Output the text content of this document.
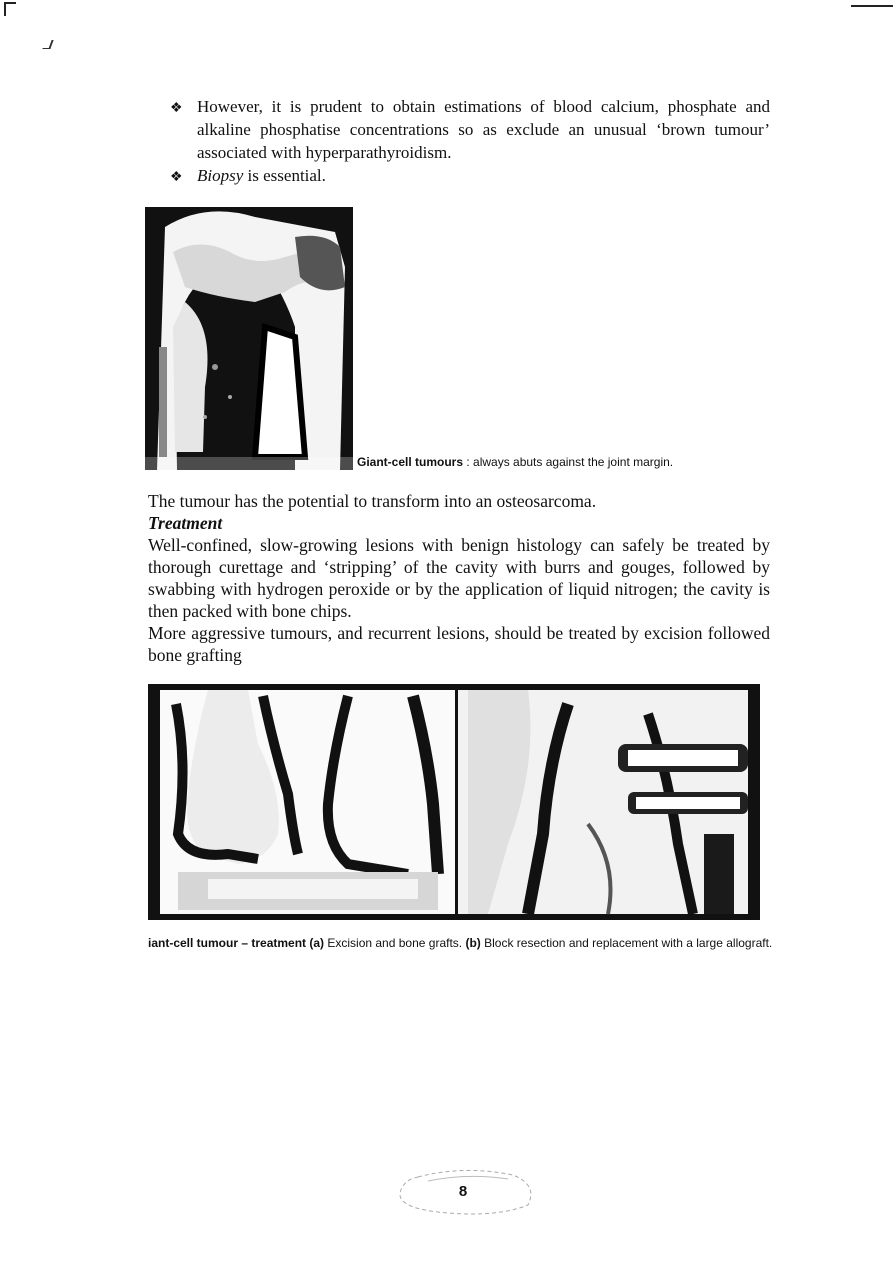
❖ However, it is prudent to obtain estimations of blood calcium, phosphate and alkaline phosphatise concentrations so as exclude an unusual ‘brown tumour’ associated with hyperparathyroidism.
❖ Biopsy is essential.
Giant-cell tumours : always abuts against the joint margin.

The tumour has the potential to transform into an osteosarcoma.

Treatment

Well-confined, slow-growing lesions with benign histology can safely be treated by thorough curettage and ‘stripping’ of the cavity with burrs and gouges, followed by swabbing with hydrogen peroxide or by the application of liquid nitrogen; the cavity is then packed with bone chips.

More aggressive tumours, and recurrent lesions, should be treated by excision followed bone grafting

iant-cell tumour – treatment (a) Excision and bone grafts. (b) Block resection and replacement with a large allograft.
8
